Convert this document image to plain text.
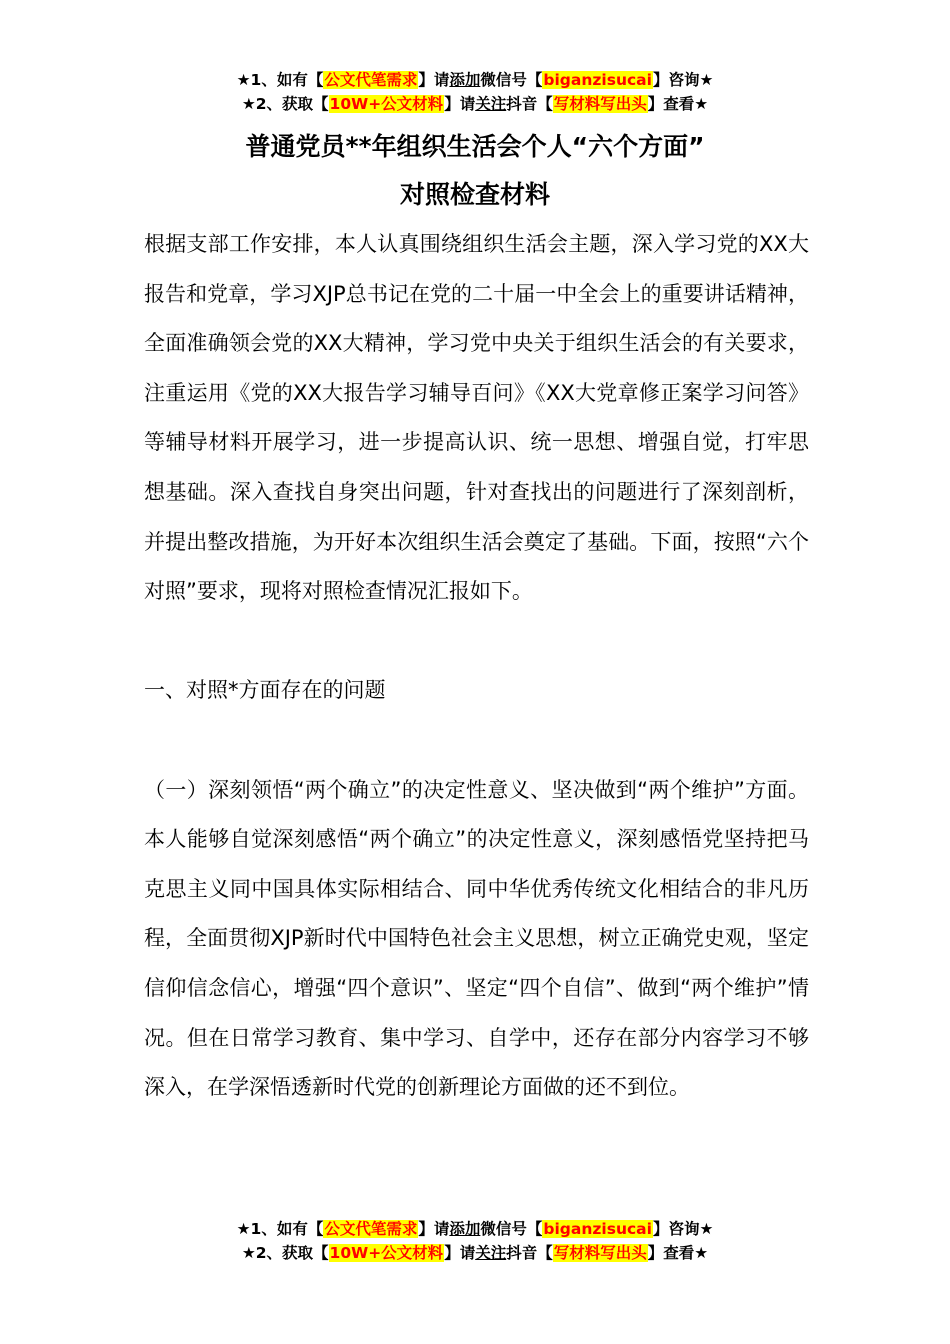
★1、如有【公文代笔需求】请添加微信号【biganzisucai】咨询★
★2、获取【10W+公文材料】请关注抖音【写材料写出头】查看★
普通党员**年组织生活会个人“六个方面”
对照检查材料

根据支部工作安排，本人认真围绕组织生活会主题，深入学习党的XX大报告和党章，学习XJP总书记在党的二十届一中全会上的重要讲话精神，全面准确领会党的XX大精神，学习党中央关于组织生活会的有关要求，注重运用《党的XX大报告学习辅导百问》《XX大党章修正案学习问答》等辅导材料开展学习，进一步提高认识、统一思想、增强自觉，打牢思想基础。深入查找自身突出问题，针对查找出的问题进行了深刻剖析，并提出整改措施，为开好本次组织生活会奠定了基础。下面，按照“六个对照”要求，现将对照检查情况汇报如下。

一、对照*方面存在的问题

（一）深刻领悟“两个确立”的决定性意义、坚决做到“两个维护”方面。本人能够自觉深刻感悟“两个确立”的决定性意义，深刻感悟党坚持把马克思主义同中国具体实际相结合、同中华优秀传统文化相结合的非凡历程，全面贯彻XJP新时代中国特色社会主义思想，树立正确党史观，坚定信仰信念信心，增强“四个意识”、坚定“四个自信”、做到“两个维护”情况。但在日常学习教育、集中学习、自学中，还存在部分内容学习不够深入，在学深悟透新时代党的创新理论方面做的还不到位。

★1、如有【公文代笔需求】请添加微信号【biganzisucai】咨询★
★2、获取【10W+公文材料】请关注抖音【写材料写出头】查看★
